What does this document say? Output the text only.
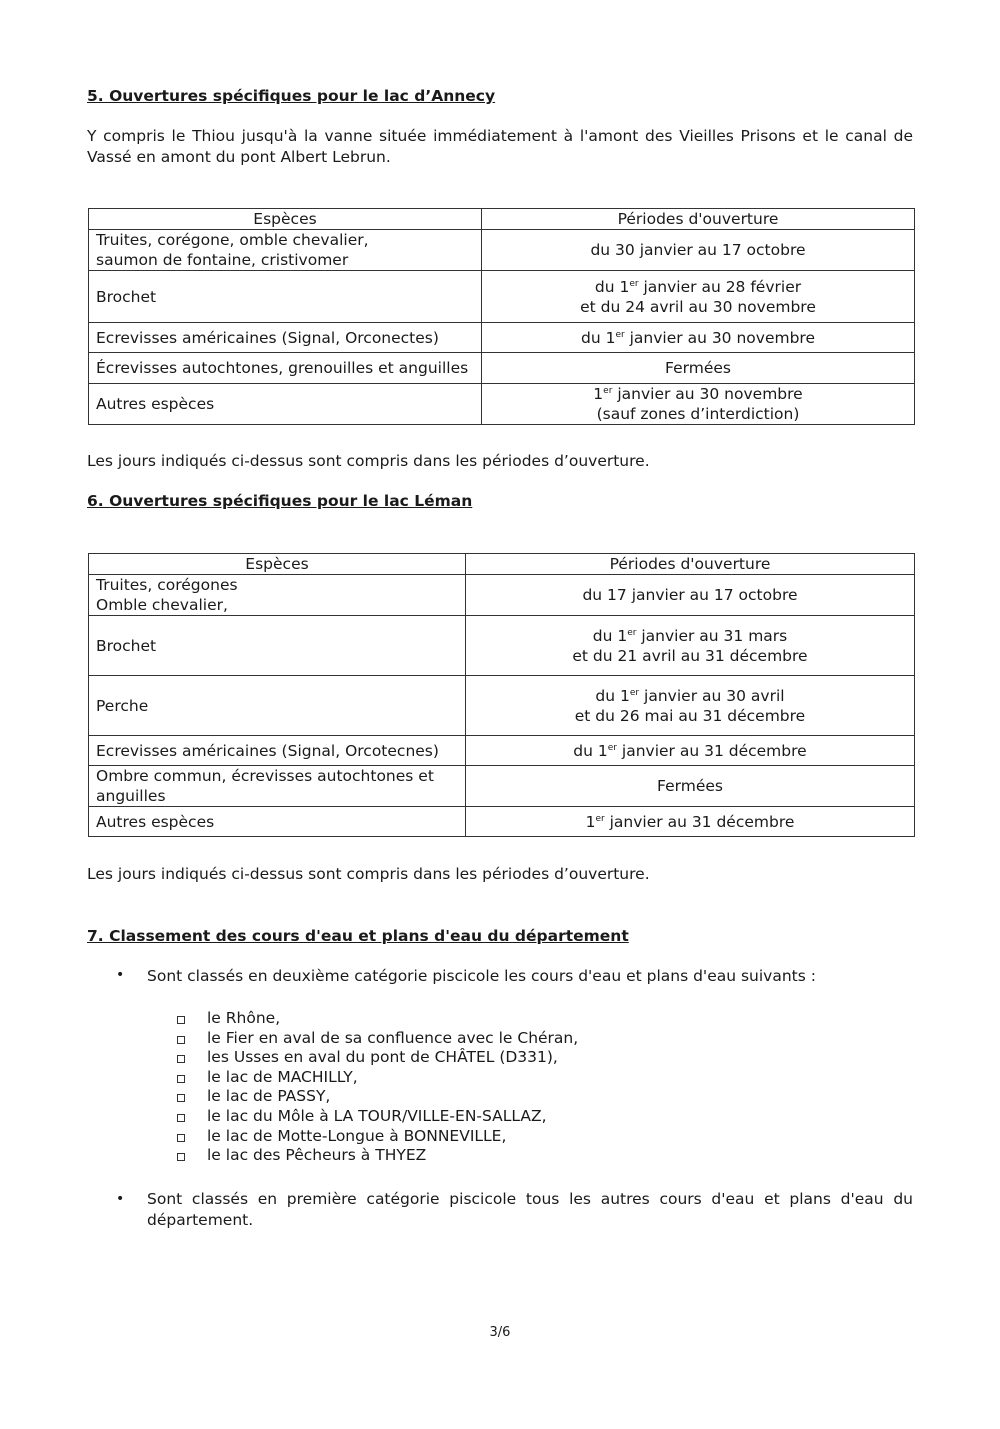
5. Ouvertures spécifiques pour le lac d’Annecy
Y compris le Thiou jusqu'à la vanne située immédiatement à l'amont des Vieilles Prisons et le canal de Vassé en amont du pont Albert Lebrun.
Espèces	Périodes d'ouverture

Truites, corégone, omble chevalier,
saumon de fontaine, cristivomer	du 30 janvier au 17 octobre

Brochet	du 1er janvier au 28 février
et du 24 avril au 30 novembre

Ecrevisses américaines (Signal, Orconectes)	du 1er janvier au 30 novembre

Écrevisses autochtones, grenouilles et anguilles	Fermées

Autres espèces	1er janvier au 30 novembre
(sauf zones d’interdiction)
Les jours indiqués ci-dessus sont compris dans les périodes d’ouverture.
6. Ouvertures spécifiques pour le lac Léman
Espèces	Périodes d'ouverture

Truites, corégones
Omble chevalier,	du 17 janvier au 17 octobre

Brochet	du 1er janvier au 31 mars
et du 21 avril au 31 décembre

Perche	du 1er janvier au 30 avril
et du 26 mai au 31 décembre

Ecrevisses américaines (Signal, Orcotecnes)	du 1er janvier au 31 décembre

Ombre commun, écrevisses autochtones et
anguilles	Fermées

Autres espèces	1er janvier au 31 décembre
Les jours indiqués ci-dessus sont compris dans les périodes d’ouverture.
7. Classement des cours d'eau et plans d'eau du département
• Sont classés en deuxième catégorie piscicole les cours d'eau et plans d'eau suivants :
le Rhône,
le Fier en aval de sa confluence avec le Chéran,
les Usses en aval du pont de CHÂTEL (D331),
le lac de MACHILLY,
le lac de PASSY,
le lac du Môle à LA TOUR/VILLE-EN-SALLAZ,
le lac de Motte-Longue à BONNEVILLE,
le lac des Pêcheurs à THYEZ
• Sont classés en première catégorie piscicole tous les autres cours d'eau et plans d'eau du département.
3/6
